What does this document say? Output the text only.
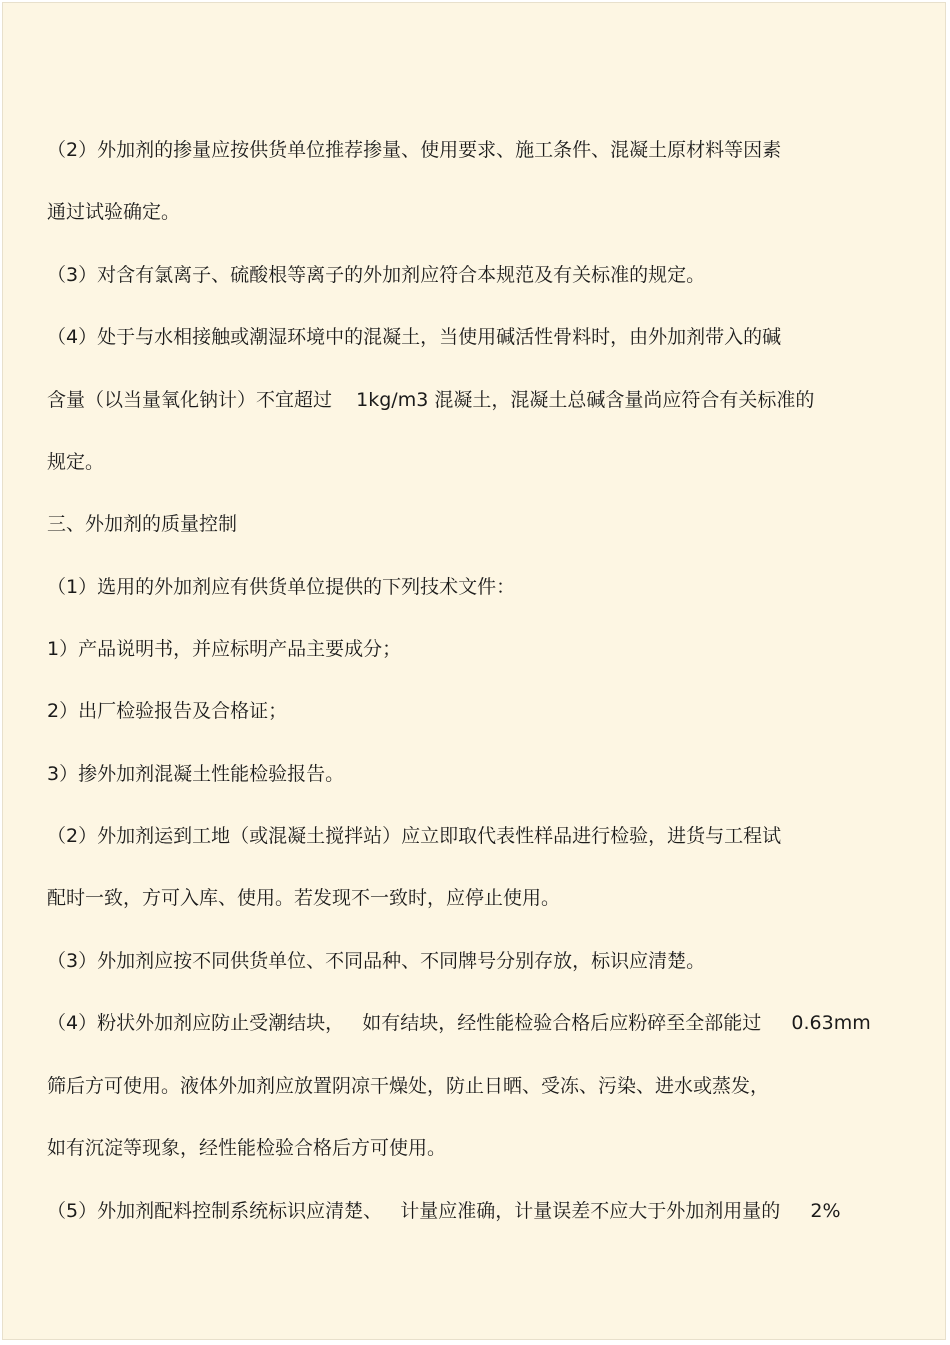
（2）外加剂的掺量应按供货单位推荐掺量、使用要求、施工条件、混凝土原材料等因素
通过试验确定。
（3）对含有氯离子、硫酸根等离子的外加剂应符合本规范及有关标准的规定。
（4）处于与水相接触或潮湿环境中的混凝土，当使用碱活性骨料时，由外加剂带入的碱
含量（以当量氧化钠计）不宜超过    1kg/m3 混凝土，混凝土总碱含量尚应符合有关标准的
规定。
三、外加剂的质量控制
（1）选用的外加剂应有供货单位提供的下列技术文件：
1）产品说明书，并应标明产品主要成分；
2）出厂检验报告及合格证；
3）掺外加剂混凝土性能检验报告。
（2）外加剂运到工地（或混凝土搅拌站）应立即取代表性样品进行检验，进货与工程试
配时一致，方可入库、使用。若发现不一致时，应停止使用。
（3）外加剂应按不同供货单位、不同品种、不同牌号分别存放，标识应清楚。
（4）粉状外加剂应防止受潮结块，   如有结块，经性能检验合格后应粉碎至全部能过     0.63mm
筛后方可使用。液体外加剂应放置阴凉干燥处，防止日晒、受冻、污染、进水或蒸发，
如有沉淀等现象，经性能检验合格后方可使用。
（5）外加剂配料控制系统标识应清楚、   计量应准确，计量误差不应大于外加剂用量的     2%
